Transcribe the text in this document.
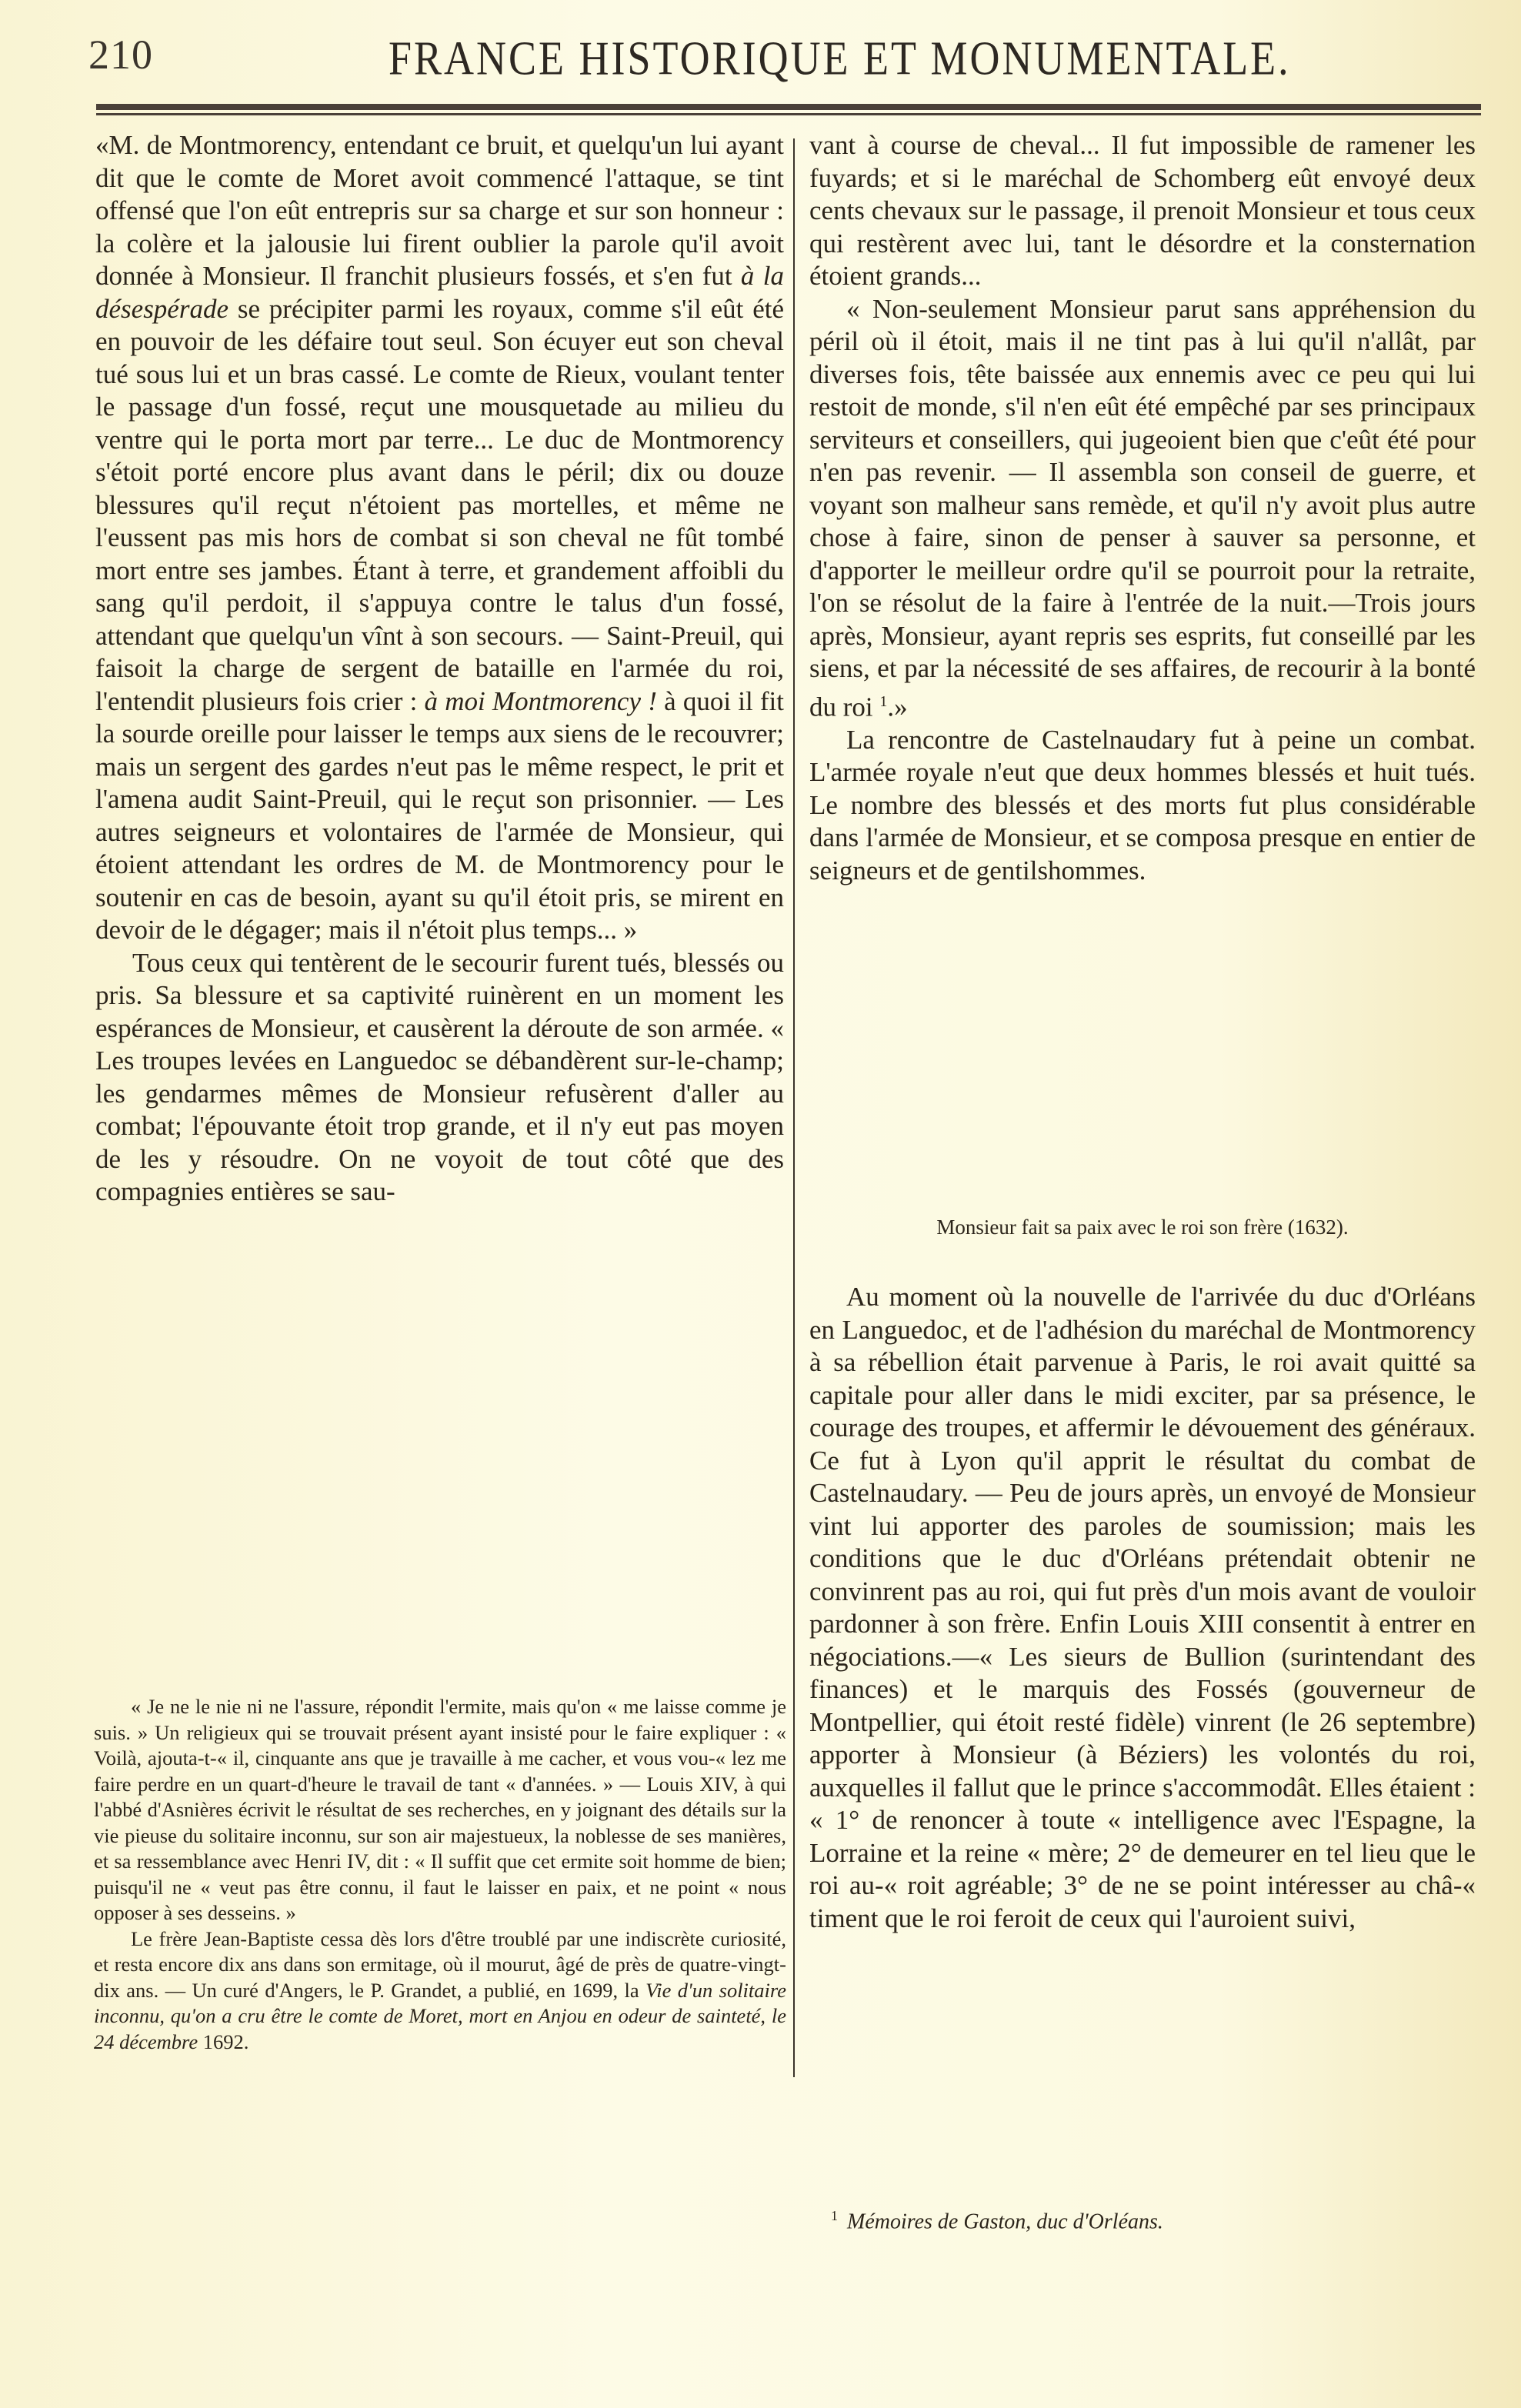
210	FRANCE HISTORIQUE ET MONUMENTALE.

«M. de Montmorency, entendant ce bruit, et quelqu'un lui ayant dit que le comte de Moret avoit commencé l'attaque, se tint offensé que l'on eût entrepris sur sa charge et sur son honneur : la colère et la jalousie lui firent oublier la parole qu'il avoit donnée à Monsieur. Il franchit plusieurs fossés, et s'en fut à la désespérade se précipiter parmi les royaux, comme s'il eût été en pouvoir de les défaire tout seul. Son écuyer eut son cheval tué sous lui et un bras cassé. Le comte de Rieux, voulant tenter le passage d'un fossé, reçut une mousquetade au milieu du ventre qui le porta mort par terre... Le duc de Montmorency s'étoit porté encore plus avant dans le péril; dix ou douze blessures qu'il reçut n'étoient pas mortelles, et même ne l'eussent pas mis hors de combat si son cheval ne fût tombé mort entre ses jambes. Étant à terre, et grandement affoibli du sang qu'il perdoit, il s'appuya contre le talus d'un fossé, attendant que quelqu'un vînt à son secours. — Saint-Preuil, qui faisoit la charge de sergent de bataille en l'armée du roi, l'entendit plusieurs fois crier : à moi Montmorency ! à quoi il fit la sourde oreille pour laisser le temps aux siens de le recouvrer; mais un sergent des gardes n'eut pas le même respect, le prit et l'amena audit Saint-Preuil, qui le reçut son prisonnier. — Les autres seigneurs et volontaires de l'armée de Monsieur, qui étoient attendant les ordres de M. de Montmorency pour le soutenir en cas de besoin, ayant su qu'il étoit pris, se mirent en devoir de le dégager; mais il n'étoit plus temps... »

Tous ceux qui tentèrent de le secourir furent tués, blessés ou pris. Sa blessure et sa captivité ruinèrent en un moment les espérances de Monsieur, et causèrent la déroute de son armée. « Les troupes levées en Languedoc se débandèrent sur-le-champ; les gendarmes mêmes de Monsieur refusèrent d'aller au combat; l'épouvante étoit trop grande, et il n'y eut pas moyen de les y résoudre. On ne voyoit de tout côté que des compagnies entières se sau-

« Je ne le nie ni ne l'assure, répondit l'ermite, mais qu'on « me laisse comme je suis. » Un religieux qui se trouvait présent ayant insisté pour le faire expliquer : « Voilà, ajouta-t-« il, cinquante ans que je travaille à me cacher, et vous vou-« lez me faire perdre en un quart-d'heure le travail de tant « d'années. » — Louis XIV, à qui l'abbé d'Asnières écrivit le résultat de ses recherches, en y joignant des détails sur la vie pieuse du solitaire inconnu, sur son air majestueux, la noblesse de ses manières, et sa ressemblance avec Henri IV, dit : « Il suffit que cet ermite soit homme de bien; puisqu'il ne « veut pas être connu, il faut le laisser en paix, et ne point « nous opposer à ses desseins. »

Le frère Jean-Baptiste cessa dès lors d'être troublé par une indiscrète curiosité, et resta encore dix ans dans son ermitage, où il mourut, âgé de près de quatre-vingt-dix ans. — Un curé d'Angers, le P. Grandet, a publié, en 1699, la Vie d'un solitaire inconnu, qu'on a cru être le comte de Moret, mort en Anjou en odeur de sainteté, le 24 décembre 1692.

vant à course de cheval... Il fut impossible de ramener les fuyards; et si le maréchal de Schomberg eût envoyé deux cents chevaux sur le passage, il prenoit Monsieur et tous ceux qui restèrent avec lui, tant le désordre et la consternation étoient grands...

« Non-seulement Monsieur parut sans appréhension du péril où il étoit, mais il ne tint pas à lui qu'il n'allât, par diverses fois, tête baissée aux ennemis avec ce peu qui lui restoit de monde, s'il n'en eût été empêché par ses principaux serviteurs et conseillers, qui jugeoient bien que c'eût été pour n'en pas revenir. — Il assembla son conseil de guerre, et voyant son malheur sans remède, et qu'il n'y avoit plus autre chose à faire, sinon de penser à sauver sa personne, et d'apporter le meilleur ordre qu'il se pourroit pour la retraite, l'on se résolut de la faire à l'entrée de la nuit.—Trois jours après, Monsieur, ayant repris ses esprits, fut conseillé par les siens, et par la nécessité de ses affaires, de recourir à la bonté du roi $^1$.»

La rencontre de Castelnaudary fut à peine un combat. L'armée royale n'eut que deux hommes blessés et huit tués. Le nombre des blessés et des morts fut plus considérable dans l'armée de Monsieur, et se composa presque en entier de seigneurs et de gentilshommes.

Monsieur fait sa paix avec le roi son frère (1632).

Au moment où la nouvelle de l'arrivée du duc d'Orléans en Languedoc, et de l'adhésion du maréchal de Montmorency à sa rébellion était parvenue à Paris, le roi avait quitté sa capitale pour aller dans le midi exciter, par sa présence, le courage des troupes, et affermir le dévouement des généraux. Ce fut à Lyon qu'il apprit le résultat du combat de Castelnaudary. — Peu de jours après, un envoyé de Monsieur vint lui apporter des paroles de soumission; mais les conditions que le duc d'Orléans prétendait obtenir ne convinrent pas au roi, qui fut près d'un mois avant de vouloir pardonner à son frère. Enfin Louis XIII consentit à entrer en négociations.—« Les sieurs de Bullion (surintendant des finances) et le marquis des Fossés (gouverneur de Montpellier, qui étoit resté fidèle) vinrent (le 26 septembre) apporter à Monsieur (à Béziers) les volontés du roi, auxquelles il fallut que le prince s'accommodât. Elles étaient : « 1° de renoncer à toute « intelligence avec l'Espagne, la Lorraine et la reine « mère; 2° de demeurer en tel lieu que le roi au-« roit agréable; 3° de ne se point intéresser au châ-« timent que le roi feroit de ceux qui l'auroient suivi,

$^1$ Mémoires de Gaston, duc d'Orléans.
